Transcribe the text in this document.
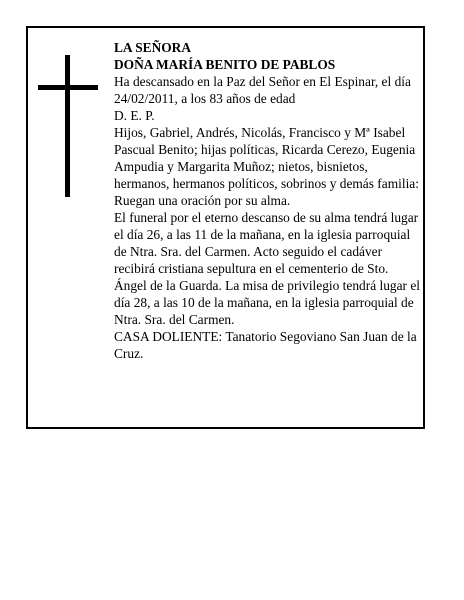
LA SEÑORA

DOÑA MARÍA BENITO DE PABLOS

Ha descansado en la Paz del Señor en El Espinar, el día 24/02/2011, a los 83 años de edad

D. E. P.

Hijos, Gabriel, Andrés, Nicolás, Francisco y Mª Isabel Pascual Benito; hijas políticas, Ricarda Cerezo, Eugenia Ampudia y Margarita Muñoz; nietos, bisnietos, hermanos, hermanos políticos, sobrinos y demás familia:

Ruegan una oración por su alma.

El funeral por el eterno descanso de su alma tendrá lugar el día 26, a las 11 de la mañana, en la iglesia parroquial de Ntra. Sra. del Carmen. Acto seguido el cadáver recibirá cristiana sepultura en el cementerio de Sto. Ángel de la Guarda. La misa de privilegio tendrá lugar el día 28, a las 10 de la mañana, en la iglesia parroquial de Ntra. Sra. del Carmen.

CASA DOLIENTE: Tanatorio Segoviano San Juan de la Cruz.
